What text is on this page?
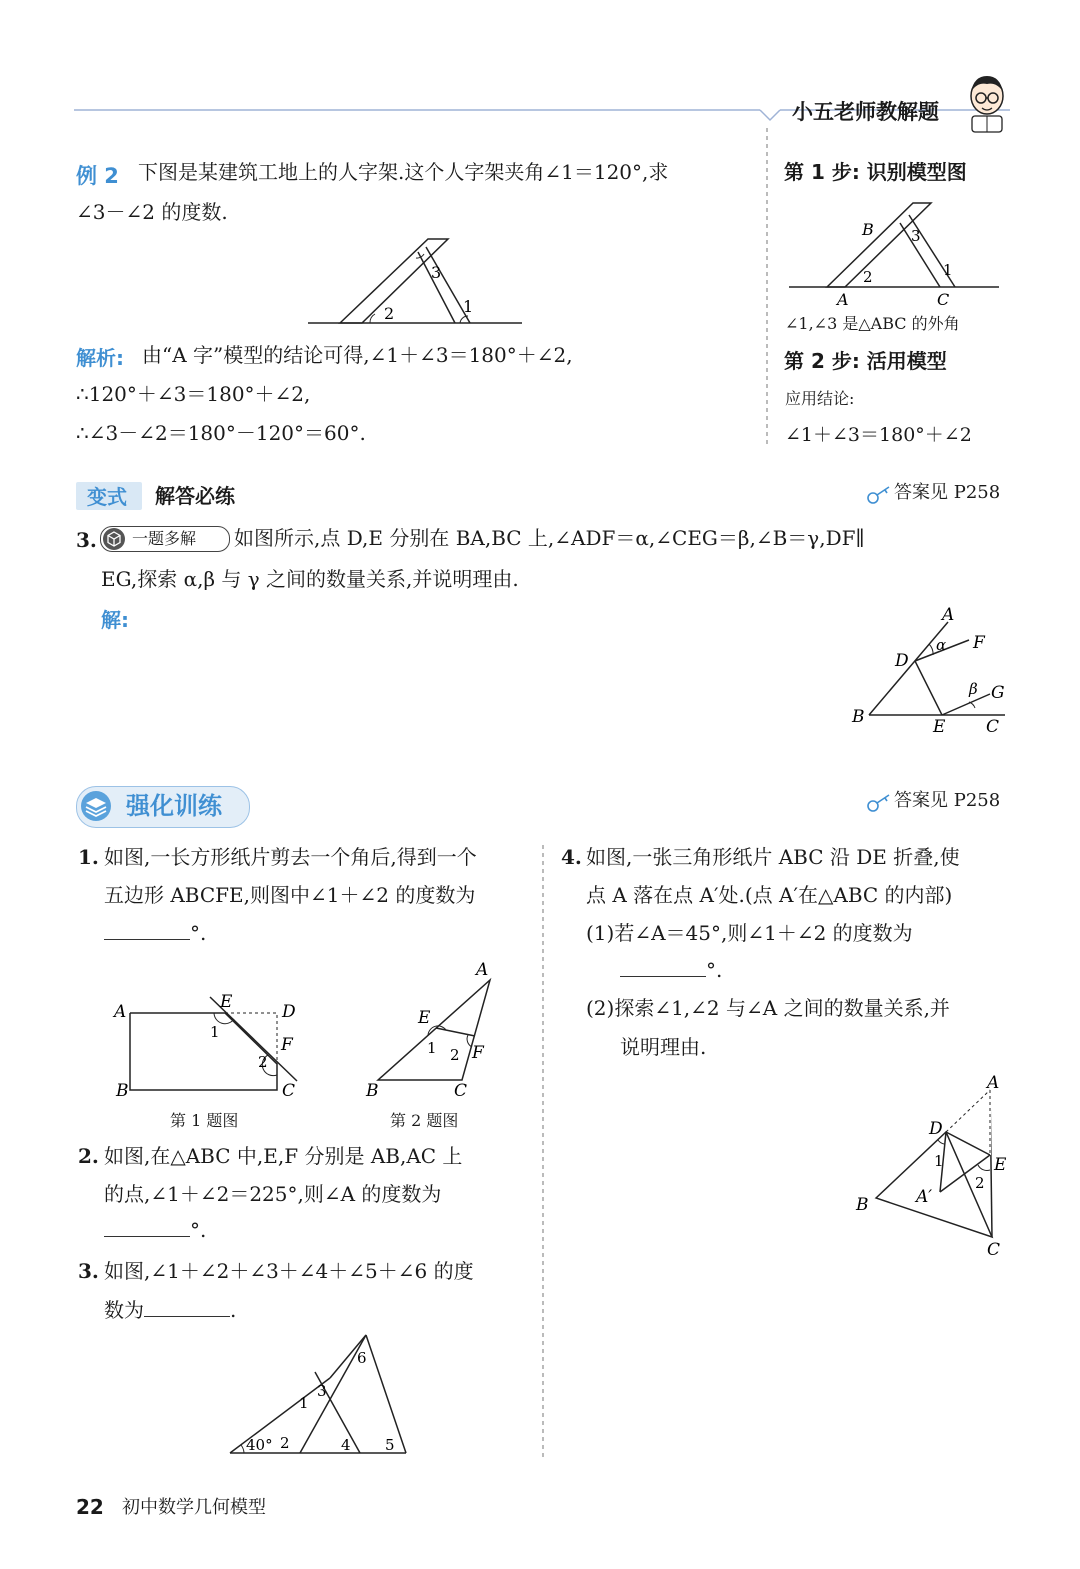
小五老师教解题
例 2 下图是某建筑工地上的人字架.这个人字架夹角∠1＝120°,求
∠3－∠2 的度数.
3
2	1
解析: 由“A 字”模型的结论可得,∠1＋∠3＝180°＋∠2,
∴120°＋∠3＝180°＋∠2,
∴∠3－∠2＝180°－120°＝60°.
第 1 步: 识别模型图
B 3
2	1
A	C
∠1,∠3 是△ABC 的外角
第 2 步: 活用模型
应用结论:
∠1＋∠3＝180°＋∠2
变式 解答必练	答案见 P258
3. 一题多解 如图所示,点 D,E 分别在 BA,BC 上,∠ADF＝α,∠CEG＝β,∠B＝γ,DF∥
EG,探索 α,β 与 γ 之间的数量关系,并说明理由.
解:	A
F
D
α
β G
B	E C
强化训练	答案见 P258
1. 如图,一长方形纸片剪去一个角后,得到一个
五边形 ABCFE,则图中∠1＋∠2 的度数为
°.
A	E	D
1
F
2
B	C
第 1 题图
A
E
1 2 F
B	C
第 2 题图
2. 如图,在△ABC 中,E,F 分别是 AB,AC 上
的点,∠1＋∠2＝225°,则∠A 的度数为
°.
3. 如图,∠1＋∠2＋∠3＋∠4＋∠5＋∠6 的度
数为	.
6
3
1
40° 2	4 5
4. 如图,一张三角形纸片 ABC 沿 DE 折叠,使
点 A 落在点 A′处.(点 A′在△ABC 的内部)
(1)若∠A＝45°,则∠1＋∠2 的度数为
°.
(2)探索∠1,∠2 与∠A 之间的数量关系,并
说明理由.
A
D
1	E
2
A′
B
C
22 初中数学几何模型
